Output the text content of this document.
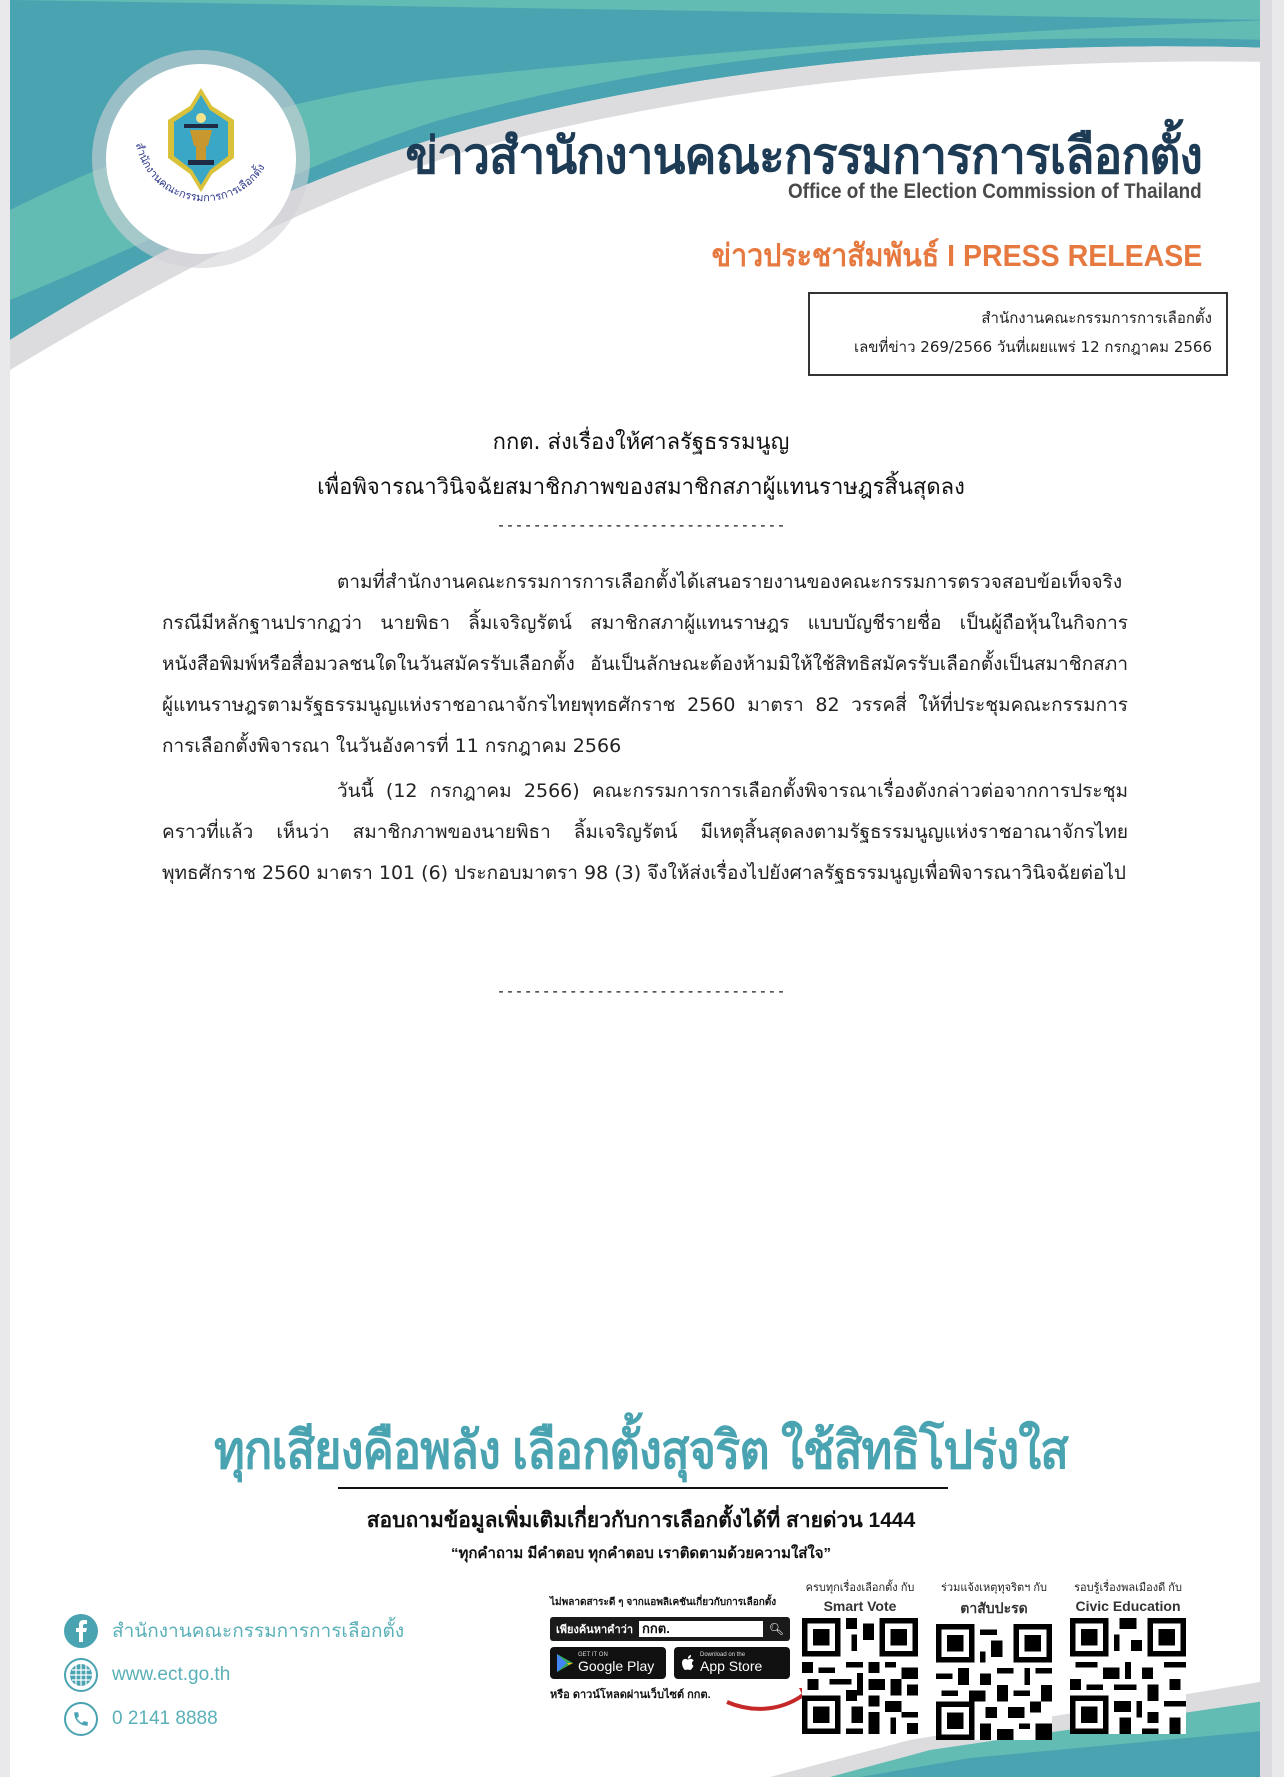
สำนักงานคณะกรรมการการเลือกตั้ง	ข่าวสำนักงานคณะกรรมการการเลือกตั้ง
Office of the Election Commission of Thailand
ข่าวประชาสัมพันธ์ I PRESS RELEASE
สำนักงานคณะกรรมการการเลือกตั้ง
เลขที่ข่าว 269/2566 วันที่เผยแพร่ 12 กรกฎาคม 2566
กกต. ส่งเรื่องให้ศาลรัฐธรรมนูญ
เพื่อพิจารณาวินิจฉัยสมาชิกภาพของสมาชิกสภาผู้แทนราษฎรสิ้นสุดลง
--------------------------------

ตามที่สำนักงานคณะกรรมการการเลือกตั้งได้เสนอรายงานของคณะกรรมการตรวจสอบข้อเท็จจริง กรณีมีหลักฐานปรากฏว่า นายพิธา ลิ้มเจริญรัตน์ สมาชิกสภาผู้แทนราษฎร แบบบัญชีรายชื่อ เป็นผู้ถือหุ้นในกิจการหนังสือพิมพ์หรือสื่อมวลชนใดในวันสมัครรับเลือกตั้ง อันเป็นลักษณะต้องห้ามมิให้ใช้สิทธิสมัครรับเลือกตั้งเป็นสมาชิกสภาผู้แทนราษฎรตามรัฐธรรมนูญแห่งราชอาณาจักรไทยพุทธศักราช 2560 มาตรา 82 วรรคสี่ ให้ที่ประชุมคณะกรรมการการเลือกตั้งพิจารณา ในวันอังคารที่ 11 กรกฎาคม 2566

วันนี้ (12 กรกฎาคม 2566) คณะกรรมการการเลือกตั้งพิจารณาเรื่องดังกล่าวต่อจากการประชุมคราวที่แล้ว เห็นว่า สมาชิกภาพของนายพิธา ลิ้มเจริญรัตน์ มีเหตุสิ้นสุดลงตามรัฐธรรมนูญแห่งราชอาณาจักรไทย พุทธศักราช 2560 มาตรา 101 (6) ประกอบมาตรา 98 (3) จึงให้ส่งเรื่องไปยังศาลรัฐธรรมนูญเพื่อพิจารณาวินิจฉัยต่อไป

--------------------------------
ทุกเสียงคือพลัง เลือกตั้งสุจริต ใช้สิทธิโปร่งใส
สอบถามข้อมูลเพิ่มเติมเกี่ยวกับการเลือกตั้งได้ที่ สายด่วน 1444
“ทุกคำถาม มีคำตอบ ทุกคำตอบ เราติดตามด้วยความใส่ใจ”
สำนักงานคณะกรรมการการเลือกตั้ง
www.ect.go.th
0 2141 8888
ไม่พลาดสาระดี ๆ จากแอพลิเคชันเกี่ยวกับการเลือกตั้ง
เพียงค้นหาคำว่า กกต.	🔍︎
GET IT ON
Google Play
Download on the
App Store
หรือ ดาวน์โหลดผ่านเว็บไซต์ กกต.
ครบทุกเรื่องเลือกตั้ง กับ
Smart Vote
ร่วมแจ้งเหตุทุจริตฯ กับ
ตาสับปะรด
รอบรู้เรื่องพลเมืองดี กับ
Civic Education
